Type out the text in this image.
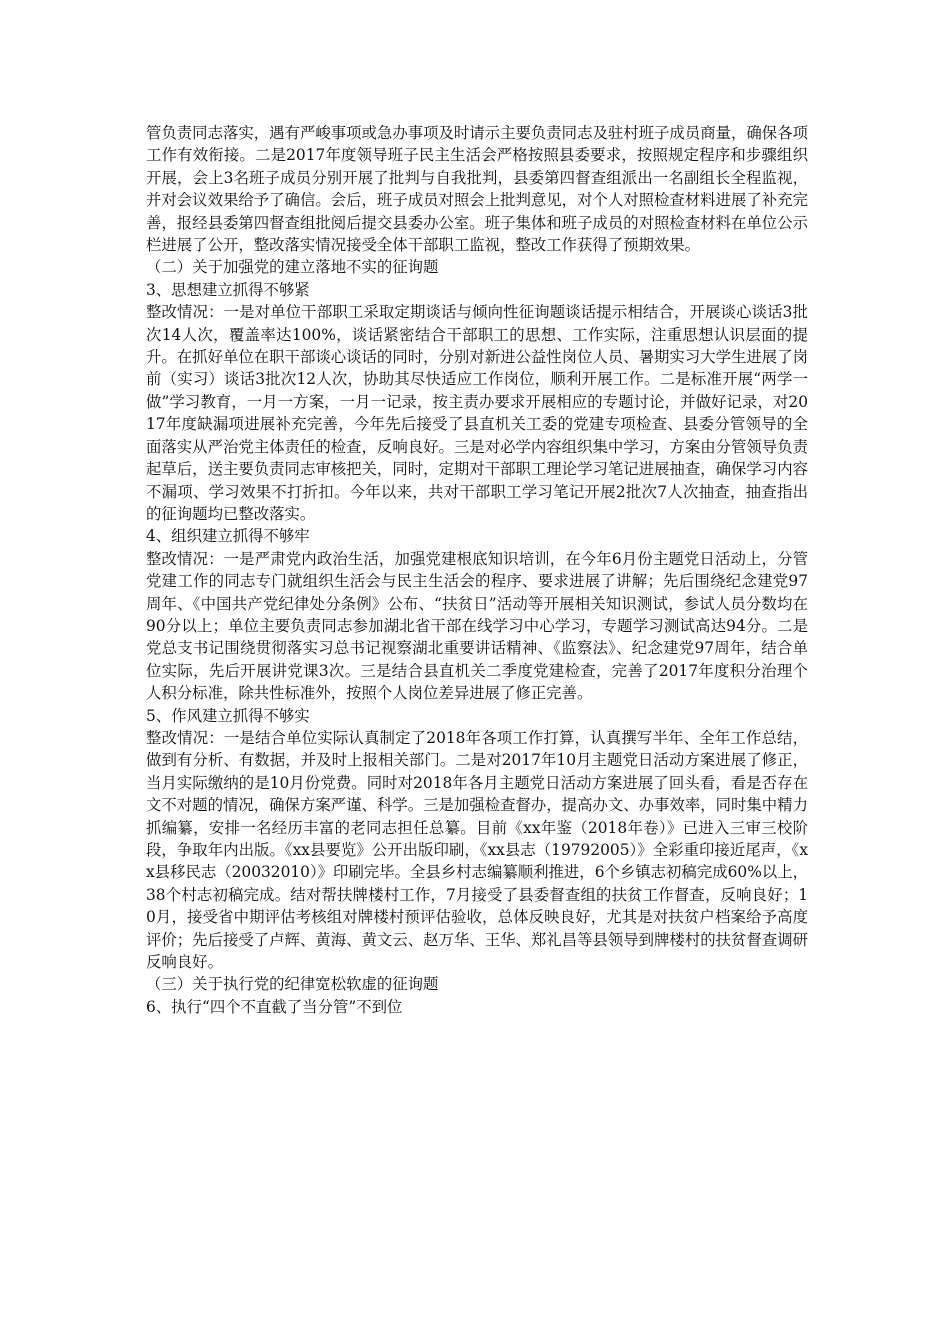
管负责同志落实，遇有严峻事项或急办事项及时请示主要负责同志及驻村班子成员商量，确保各项工作有效衔接。二是2017年度领导班子民主生活会严格按照县委要求，按照规定程序和步骤组织开展，会上3名班子成员分别开展了批判与自我批判，县委第四督查组派出一名副组长全程监视，并对会议效果给予了确信。会后，班子成员对照会上批判意见，对个人对照检查材料进展了补充完善，报经县委第四督查组批阅后提交县委办公室。班子集体和班子成员的对照检查材料在单位公示栏进展了公开，整改落实情况接受全体干部职工监视，整改工作获得了预期效果。

（二）关于加强党的建立落地不实的征询题

3、思想建立抓得不够紧

整改情况：一是对单位干部职工采取定期谈话与倾向性征询题谈话提示相结合，开展谈心谈话3批次14人次，覆盖率达100%，谈话紧密结合干部职工的思想、工作实际，注重思想认识层面的提升。在抓好单位在职干部谈心谈话的同时，分别对新进公益性岗位人员、暑期实习大学生进展了岗前（实习）谈话3批次12人次，协助其尽快适应工作岗位，顺利开展工作。二是标准开展“两学一做”学习教育，一月一方案，一月一记录，按主责办要求开展相应的专题讨论，并做好记录，对2017年度缺漏项进展补充完善，今年先后接受了县直机关工委的党建专项检查、县委分管领导的全面落实从严治党主体责任的检查，反响良好。三是对必学内容组织集中学习，方案由分管领导负责起草后，送主要负责同志审核把关，同时，定期对干部职工理论学习笔记进展抽查，确保学习内容不漏项、学习效果不打折扣。今年以来，共对干部职工学习笔记开展2批次7人次抽查，抽查指出的征询题均已整改落实。

4、组织建立抓得不够牢

整改情况：一是严肃党内政治生活，加强党建根底知识培训，在今年6月份主题党日活动上，分管党建工作的同志专门就组织生活会与民主生活会的程序、要求进展了讲解；先后围绕纪念建党97周年、《中国共产党纪律处分条例》公布、“扶贫日”活动等开展相关知识测试，参试人员分数均在90分以上；单位主要负责同志参加湖北省干部在线学习中心学习，专题学习测试高达94分。二是党总支书记围绕贯彻落实习总书记视察湖北重要讲话精神、《监察法》、纪念建党97周年，结合单位实际，先后开展讲党课3次。三是结合县直机关二季度党建检查，完善了2017年度积分治理个人积分标准，除共性标准外，按照个人岗位差异进展了修正完善。

5、作风建立抓得不够实

整改情况：一是结合单位实际认真制定了2018年各项工作打算，认真撰写半年、全年工作总结，做到有分析、有数据，并及时上报相关部门。二是对2017年10月主题党日活动方案进展了修正，当月实际缴纳的是10月份党费。同时对2018年各月主题党日活动方案进展了回头看，看是否存在文不对题的情况，确保方案严谨、科学。三是加强检查督办，提高办文、办事效率，同时集中精力抓编纂，安排一名经历丰富的老同志担任总纂。目前《xx年鉴（2018年卷）》已进入三审三校阶段，争取年内出版。《xx县要览》公开出版印刷，《xx县志（19792005）》全彩重印接近尾声，《xx县移民志（20032010）》印刷完毕。全县乡村志编纂顺利推进，6个乡镇志初稿完成60%以上，38个村志初稿完成。结对帮扶牌楼村工作，7月接受了县委督查组的扶贫工作督查，反响良好；10月，接受省中期评估考核组对牌楼村预评估验收，总体反映良好，尤其是对扶贫户档案给予高度评价；先后接受了卢辉、黄海、黄文云、赵万华、王华、郑礼昌等县领导到牌楼村的扶贫督查调研反响良好。

（三）关于执行党的纪律宽松软虚的征询题

6、执行“四个不直截了当分管”不到位
